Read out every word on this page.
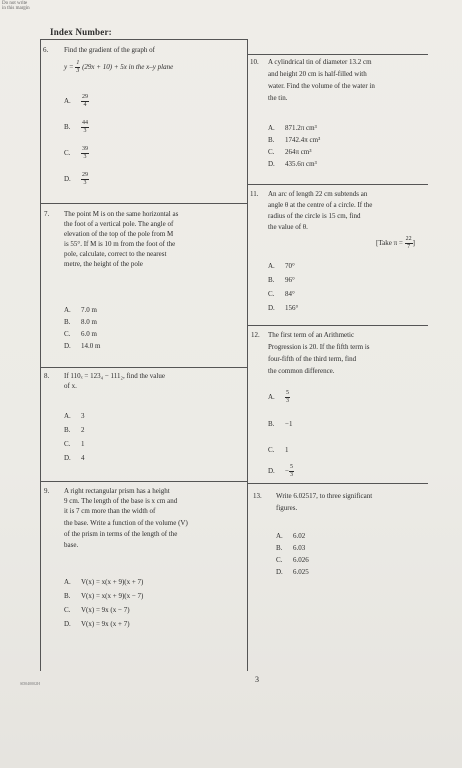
Do not write in this margin
Index Number:
6. Find the gradient of the graph of
$y = \frac{1}{3} (29x + 10) + 5x$ in the x–y plane
A. $\frac{29}{4}$
B. $\frac{44}{3}$
C. $\frac{39}{3}$
D. $\frac{29}{3}$
7. The point M is on the same horizontal as
the foot of a vertical pole. The angle of
elevation of the top of the pole from M
is 55°. If M is 10 m from the foot of the
pole, calculate, correct to the nearest
metre, the height of the pole
A. 7.0 m
B. 8.0 m
C. 6.0 m
D. 14.0 m
8. If 110ₓ = 123₄ − 111₂, find the value
of x.
A. 3
B. 2
C. 1
D. 4
9. A right rectangular prism has a height
9 cm. The length of the base is x cm and
it is 7 cm more than the width of
the base. Write a function of the volume (V)
of the prism in terms of the length of the
base.
A. V(x) = x(x + 9)(x + 7)
B. V(x) = x(x + 9)(x − 7)
C. V(x) = 9x (x − 7)
D. V(x) = 9x (x + 7)
10. A cylindrical tin of diameter 13.2 cm
and height 20 cm is half-filled with
water. Find the volume of the water in
the tin.
A. 871.2π cm³
B. 1742.4π cm³
C. 264π cm³
D. 435.6π cm³
11. An arc of length 22 cm subtends an
angle θ at the centre of a circle. If the
radius of the circle is 15 cm, find
the value of θ.
[Take $\pi = \frac{22}{7}$ ]
A. 70°
B. 96°
C. 84°
D. 156°
12. The first term of an Arithmetic
Progression is 20. If the fifth term is
four-fifth of the third term, find
the common difference.
A. $\frac{5}{3}$
B. −1
C. 1
D. − $\frac{5}{3}$
13. Write 6.02517, to three significant
figures.
A. 6.02
B. 6.03
C. 6.026
D. 6.025
SD040002H	3
